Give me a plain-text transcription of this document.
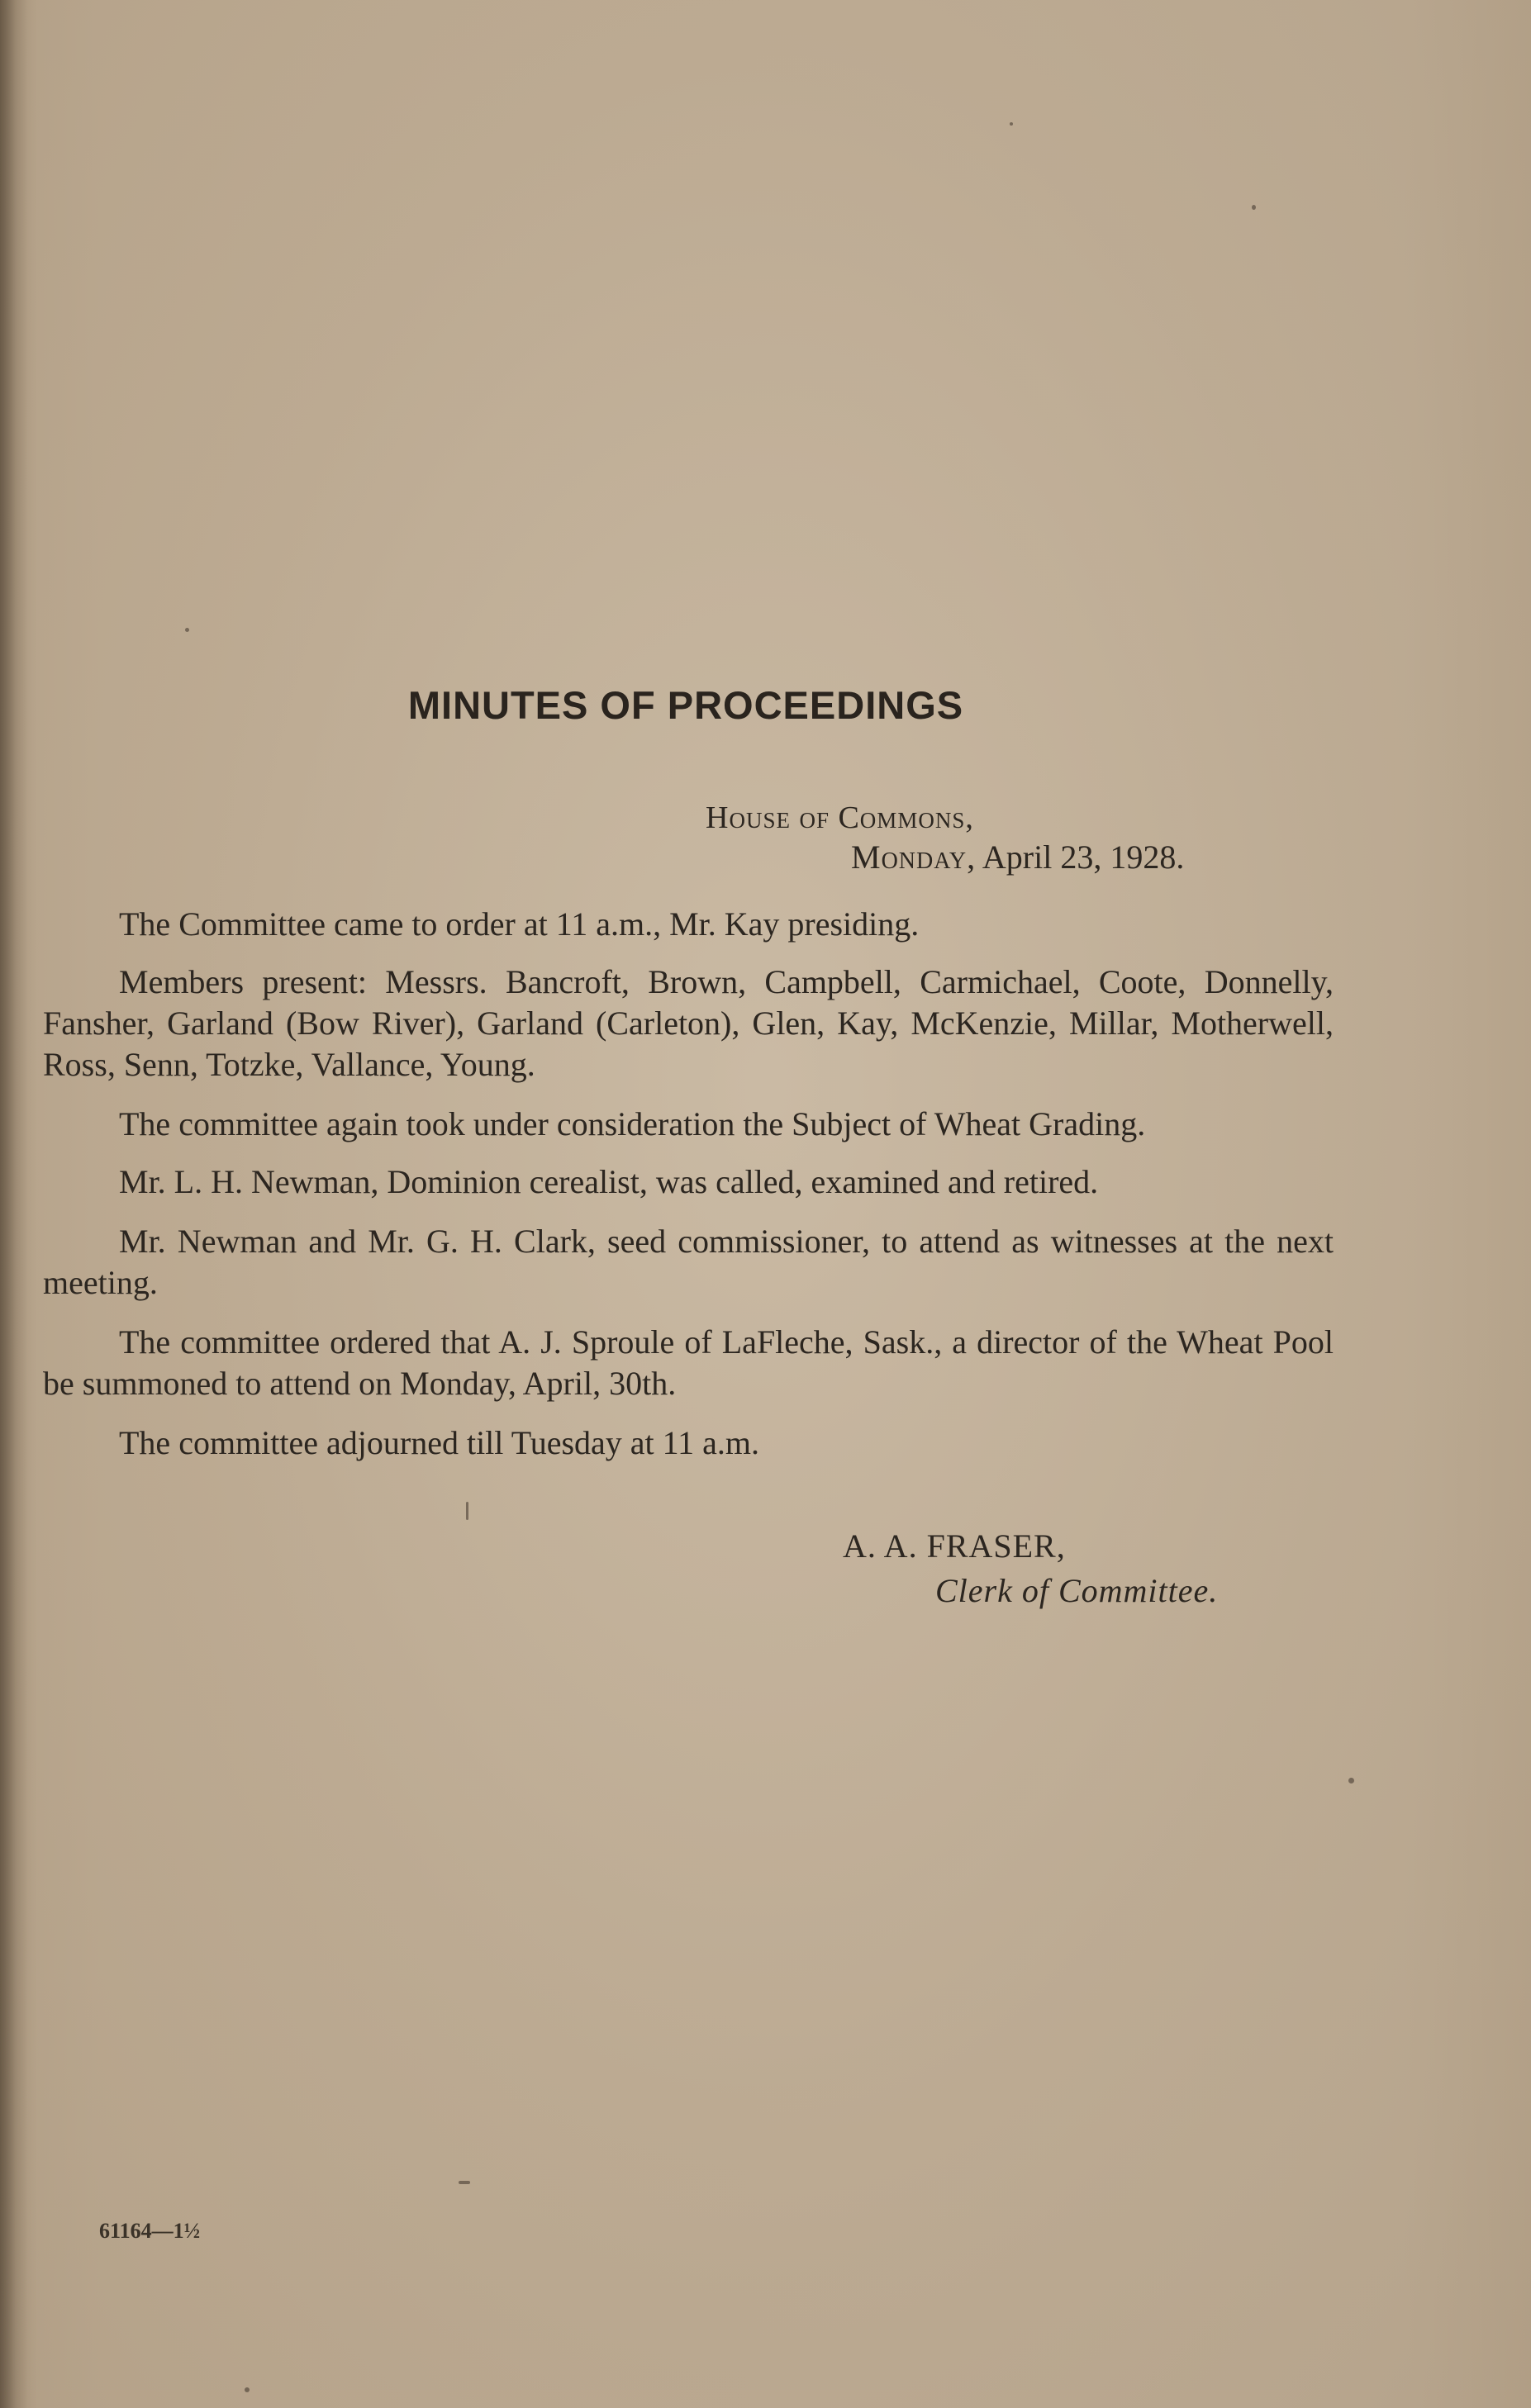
MINUTES OF PROCEEDINGS
House of Commons,
Monday, April 23, 1928.

The Committee came to order at 11 a.m., Mr. Kay presiding.

Members present: Messrs. Bancroft, Brown, Campbell, Carmichael, Coote, Donnelly, Fansher, Garland (Bow River), Garland (Carleton), Glen, Kay, McKenzie, Millar, Motherwell, Ross, Senn, Totzke, Vallance, Young.

The committee again took under consideration the Subject of Wheat Grading.

Mr. L. H. Newman, Dominion cerealist, was called, examined and retired.

Mr. Newman and Mr. G. H. Clark, seed commissioner, to attend as witnesses at the next meeting.

The committee ordered that A. J. Sproule of LaFleche, Sask., a director of the Wheat Pool be summoned to attend on Monday, April, 30th.

The committee adjourned till Tuesday at 11 a.m.

A. A. FRASER,
Clerk of Committee.
61164—1½
